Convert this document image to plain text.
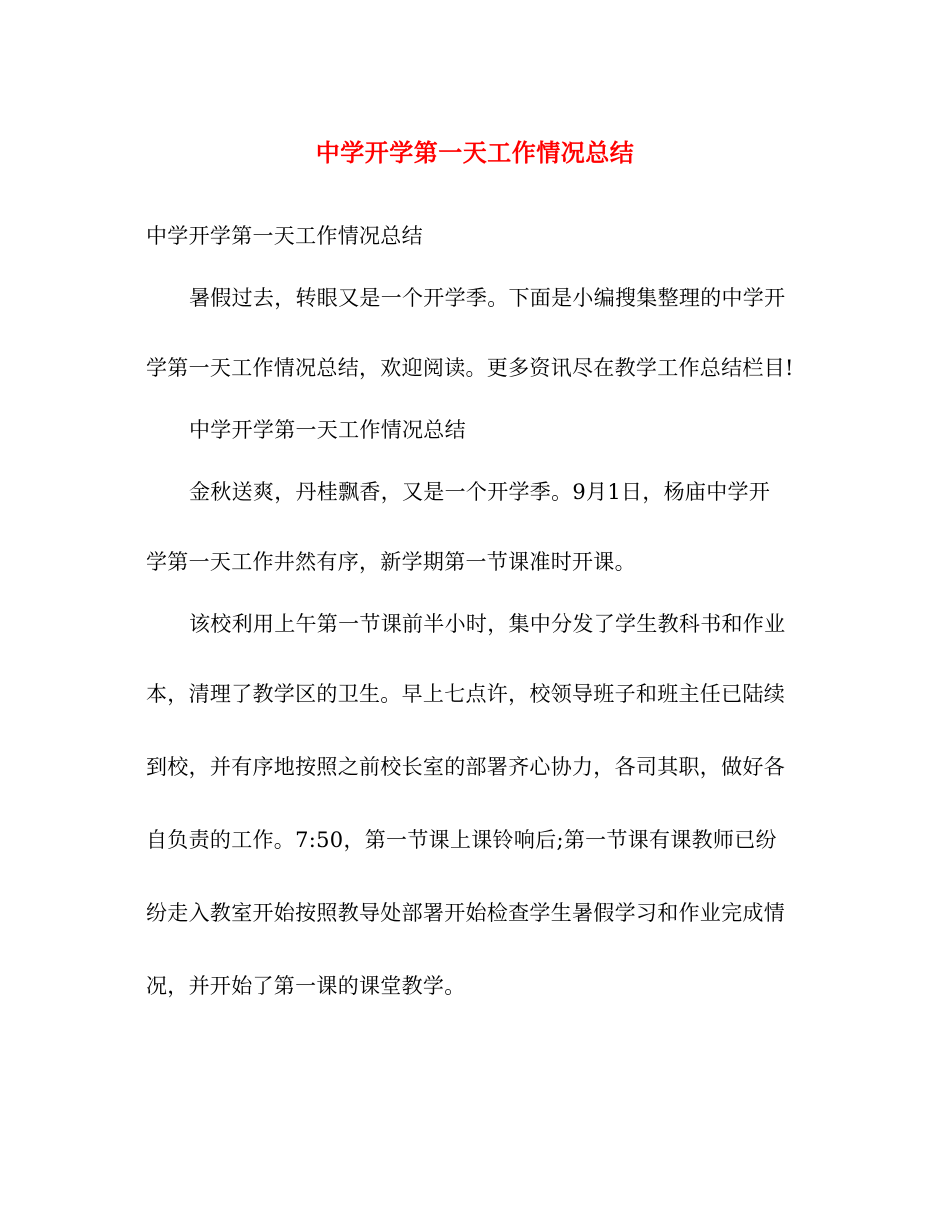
中学开学第一天工作情况总结
中学开学第一天工作情况总结
暑假过去，转眼又是一个开学季。下面是小编搜集整理的中学开
学第一天工作情况总结，欢迎阅读。更多资讯尽在教学工作总结栏目!
中学开学第一天工作情况总结
金秋送爽，丹桂飘香，又是一个开学季。9月1日，杨庙中学开
学第一天工作井然有序，新学期第一节课准时开课。
该校利用上午第一节课前半小时，集中分发了学生教科书和作业
本，清理了教学区的卫生。早上七点许，校领导班子和班主任已陆续
到校，并有序地按照之前校长室的部署齐心协力，各司其职，做好各
自负责的工作。7:50，第一节课上课铃响后;第一节课有课教师已纷
纷走入教室开始按照教导处部署开始检查学生暑假学习和作业完成情
况，并开始了第一课的课堂教学。
